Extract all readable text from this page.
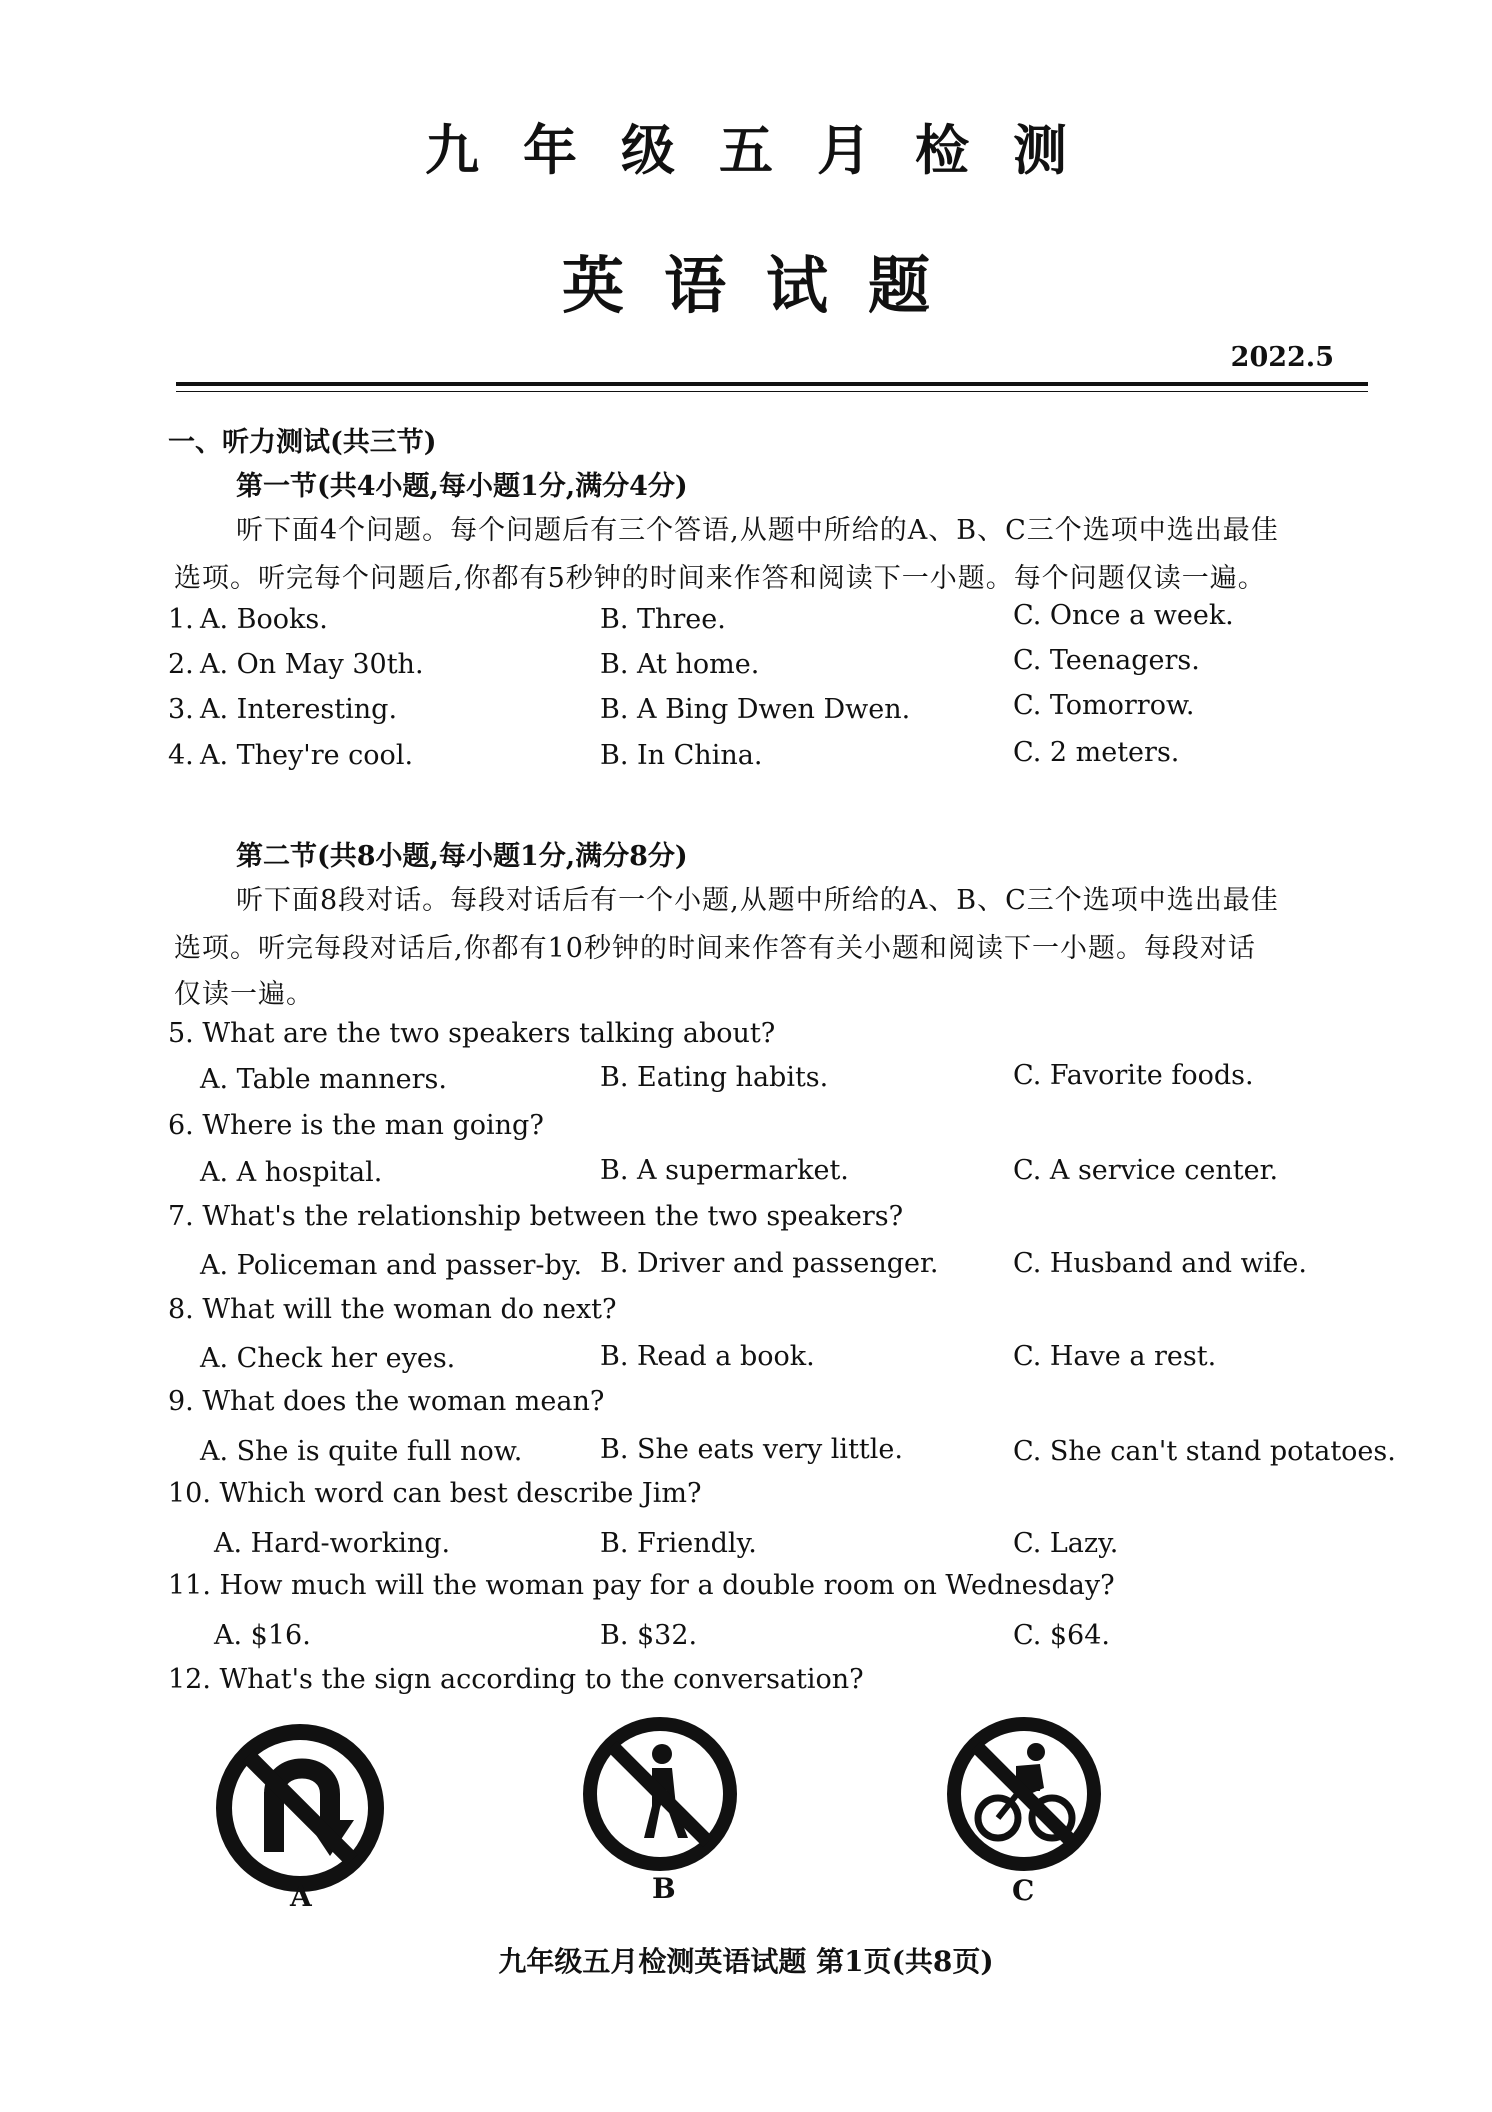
九年级五月检测
英语试题
2022.5
一、听力测试(共三节)
第一节(共4小题,每小题1分,满分4分)
听下面4个问题。每个问题后有三个答语,从题中所给的A、B、C三个选项中选出最佳
选项。听完每个问题后,你都有5秒钟的时间来作答和阅读下一小题。每个问题仅读一遍。
1. A. Books.	B. Three.	C. Once a week.
2. A. On May 30th.	B. At home.	C. Teenagers.
3. A. Interesting.	B. A Bing Dwen Dwen.	C. Tomorrow.
4. A. They're cool.	B. In China.	C. 2 meters.
第二节(共8小题,每小题1分,满分8分)
听下面8段对话。每段对话后有一个小题,从题中所给的A、B、C三个选项中选出最佳
选项。听完每段对话后,你都有10秒钟的时间来作答有关小题和阅读下一小题。每段对话
仅读一遍。
5. What are the two speakers talking about?
A. Table manners.	B. Eating habits.	C. Favorite foods.
6. Where is the man going?
A. A hospital.	B. A supermarket.	C. A service center.
7. What's the relationship between the two speakers?
A. Policeman and passer-by. B. Driver and passenger.	C. Husband and wife.
8. What will the woman do next?
A. Check her eyes.	B. Read a book.	C. Have a rest.
9. What does the woman mean?
A. She is quite full now.	B. She eats very little.	C. She can't stand potatoes.
10. Which word can best describe Jim?
A. Hard-working.	B. Friendly.	C. Lazy.
11. How much will the woman pay for a double room on Wednesday?
A. $16.	B. $32.	C. $64.
12. What's the sign according to the conversation?
A	B	C
九年级五月检测英语试题 第1页(共8页)
